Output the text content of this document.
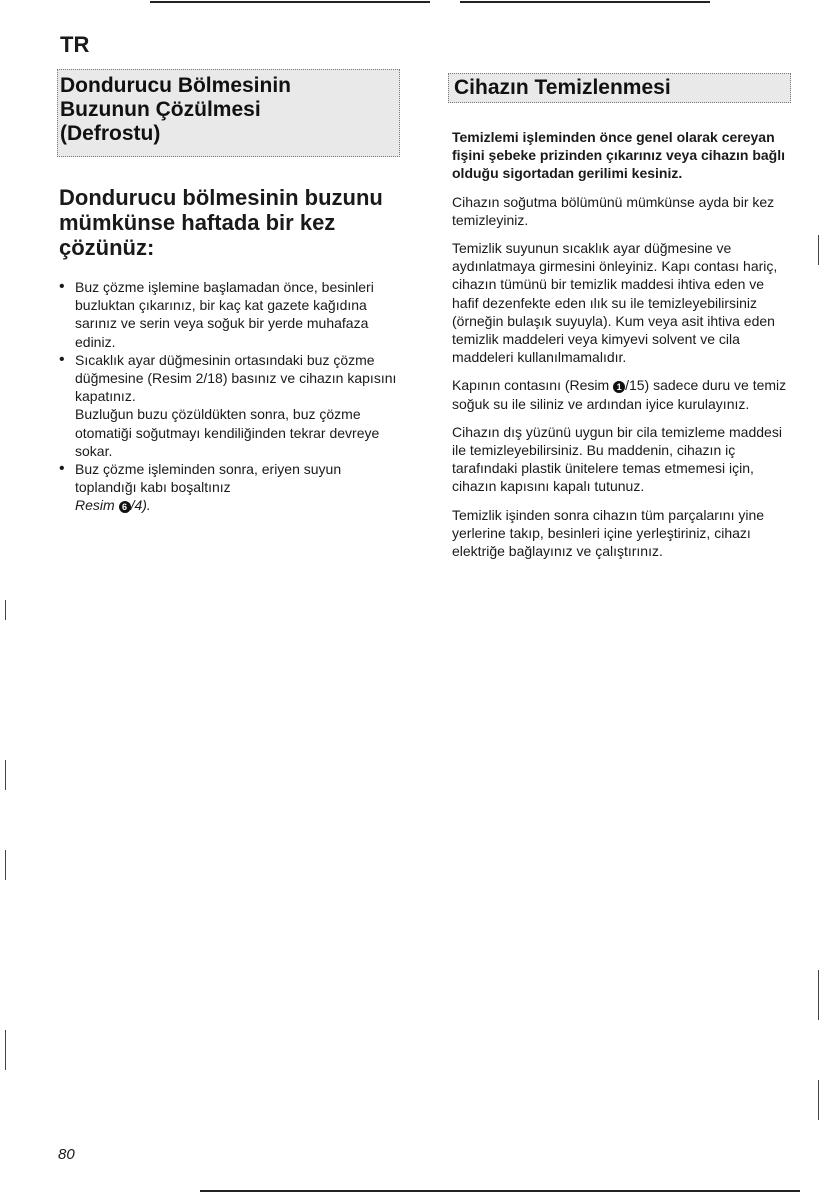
TR
Dondurucu Bölmesinin
Buzunun Çözülmesi
(Defrostu)
Cihazın Temizlenmesi
Dondurucu bölmesinin buzunu mümkünse haftada bir kez çözünüz:
• Buz çözme işlemine başlamadan önce, besinleri buzluktan çıkarınız, bir kaç kat gazete kağıdına sarınız ve serin veya soğuk bir yerde muhafaza ediniz.
• Sıcaklık ayar düğmesinin ortasındaki buz çözme düğmesine (Resim 2/18) basınız ve cihazın kapısını kapatınız.
Buzluğun buzu çözüldükten sonra, buz çözme otomatiği soğutmayı kendiliğinden tekrar devreye sokar.
• Buz çözme işleminden sonra, eriyen suyun toplandığı kabı boşaltınız
Resim 6 /4).

Temizlemi işleminden önce genel olarak cereyan fişini şebeke prizinden çıkarınız veya cihazın bağlı olduğu sigortadan gerilimi kesiniz.

Cihazın soğutma bölümünü mümkünse ayda bir kez temizleyiniz.

Temizlik suyunun sıcaklık ayar düğmesine ve aydınlatmaya girmesini önleyiniz. Kapı contası hariç, cihazın tümünü bir temizlik maddesi ihtiva eden ve hafif dezenfekte eden ılık su ile temizleyebilirsiniz (örneğin bulaşık suyuyla). Kum veya asit ihtiva eden temizlik maddeleri veya kimyevi solvent ve cila maddeleri kullanılmamalıdır.

Kapının contasını (Resim 1 /15) sadece duru ve temiz soğuk su ile siliniz ve ardından iyice kurulayınız.

Cihazın dış yüzünü uygun bir cila temizleme maddesi ile temizleyebilirsiniz. Bu maddenin, cihazın iç tarafındaki plastik ünitelere temas etmemesi için, cihazın kapısını kapalı tutunuz.

Temizlik işinden sonra cihazın tüm parçalarını yine yerlerine takıp, besinleri içine yerleştiriniz, cihazı elektriğe bağlayınız ve çalıştırınız.

80
